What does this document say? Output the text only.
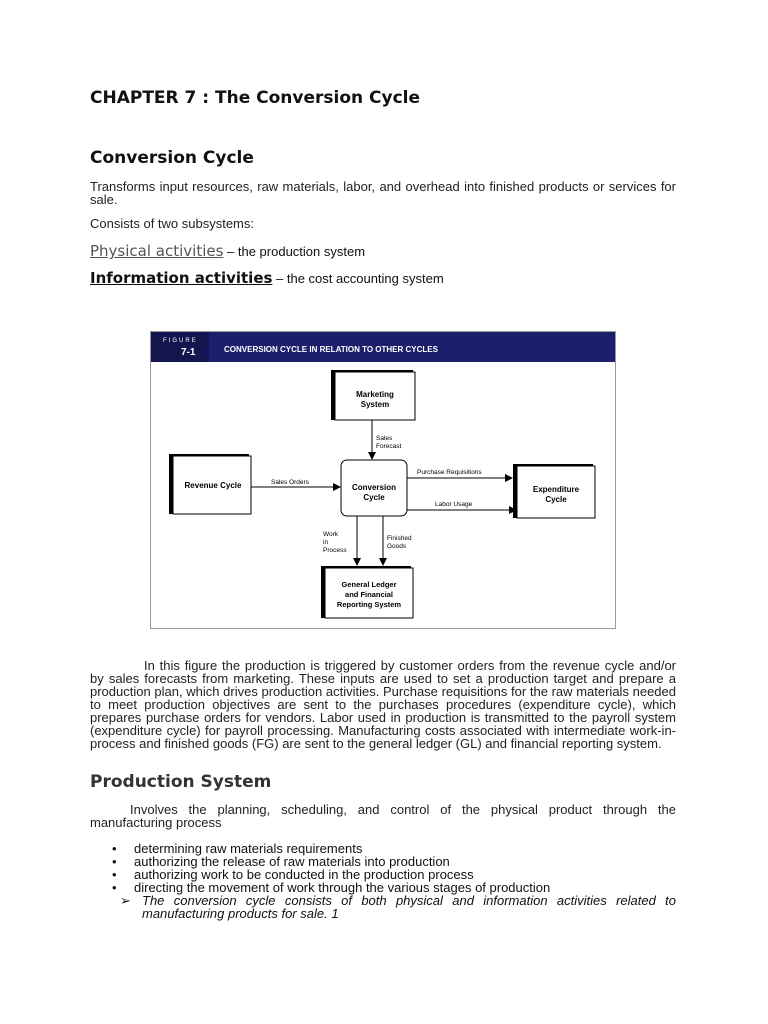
CHAPTER 7 : The Conversion Cycle
Conversion Cycle
Transforms input resources, raw materials, labor, and overhead into finished products or services for sale.
Consists of two subsystems:
Physical activities – the production system
Information activities – the cost accounting system
FIGURE
7-1	CONVERSION CYCLE IN RELATION TO OTHER CYCLES
Marketing
System
Revenue Cycle	Conversion
Cycle
Expenditure
Cycle
General Ledger
and Financial
Reporting System
Sales
Forecast
Sales Orders
Purchase Requisitions
Labor Usage
Work
in
Process
Finished
Goods
In this figure the production is triggered by customer orders from the revenue cycle and/or by sales forecasts from marketing. These inputs are used to set a production target and prepare a production plan, which drives production activities. Purchase requisitions for the raw materials needed to meet production objectives are sent to the purchases procedures (expenditure cycle), which prepares purchase orders for vendors. Labor used in production is transmitted to the payroll system (expenditure cycle) for payroll processing. Manufacturing costs associated with intermediate work-in-process and finished goods (FG) are sent to the general ledger (GL) and financial reporting system.
Production System
Involves the planning, scheduling, and control of the physical product through the manufacturing process
• determining raw materials requirements
• authorizing the release of raw materials into production
• authorizing work to be conducted in the production process
• directing the movement of work through the various stages of production
➢ The conversion cycle consists of both physical and information activities related to manufacturing products for sale. 1
